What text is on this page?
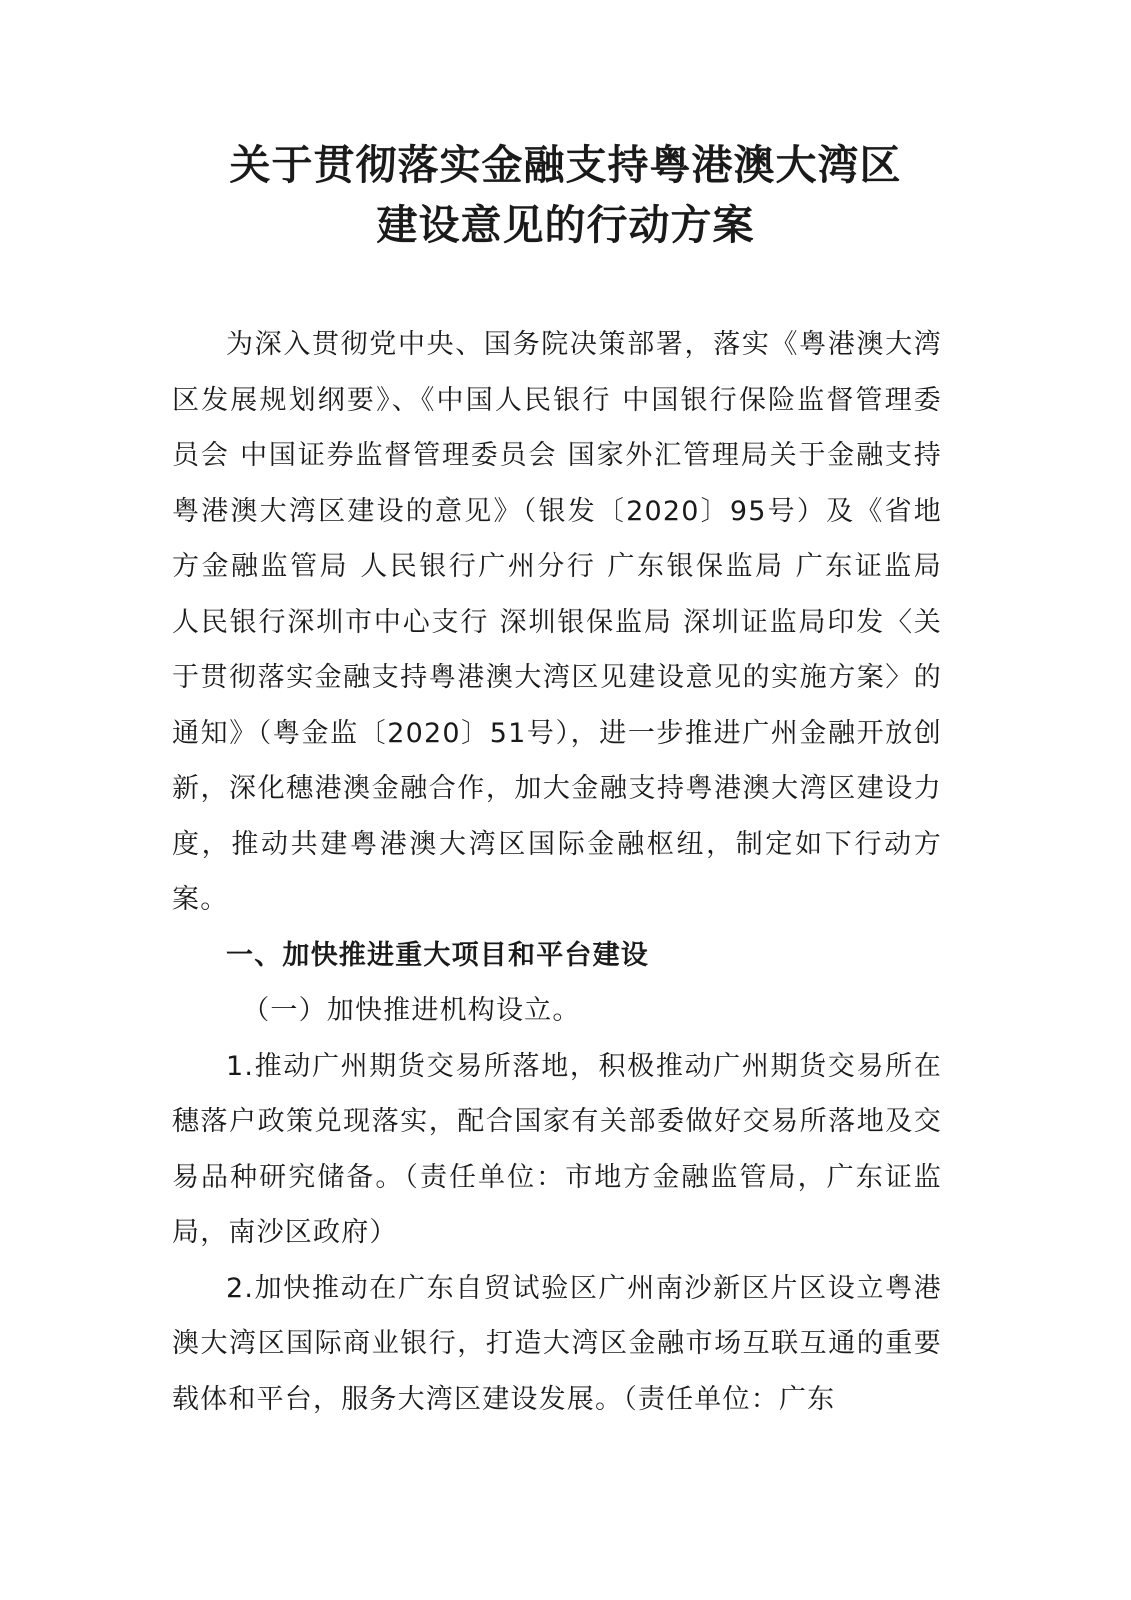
关于贯彻落实金融支持粤港澳大湾区
建设意见的行动方案

为深入贯彻党中央、国务院决策部署，落实《粤港澳大湾区发展规划纲要》、《中国人民银行 中国银行保险监督管理委员会 中国证券监督管理委员会 国家外汇管理局关于金融支持粤港澳大湾区建设的意见》（银发〔2020〕95号）及《省地方金融监管局 人民银行广州分行 广东银保监局 广东证监局 人民银行深圳市中心支行 深圳银保监局 深圳证监局印发〈关于贯彻落实金融支持粤港澳大湾区见建设意见的实施方案〉的通知》（粤金监〔2020〕51号），进一步推进广州金融开放创新，深化穗港澳金融合作，加大金融支持粤港澳大湾区建设力度，推动共建粤港澳大湾区国际金融枢纽，制定如下行动方案。

一、加快推进重大项目和平台建设

（一）加快推进机构设立。

1.推动广州期货交易所落地，积极推动广州期货交易所在穗落户政策兑现落实，配合国家有关部委做好交易所落地及交易品种研究储备。（责任单位：市地方金融监管局，广东证监局，南沙区政府）

2.加快推动在广东自贸试验区广州南沙新区片区设立粤港澳大湾区国际商业银行，打造大湾区金融市场互联互通的重要载体和平台，服务大湾区建设发展。（责任单位：广东
